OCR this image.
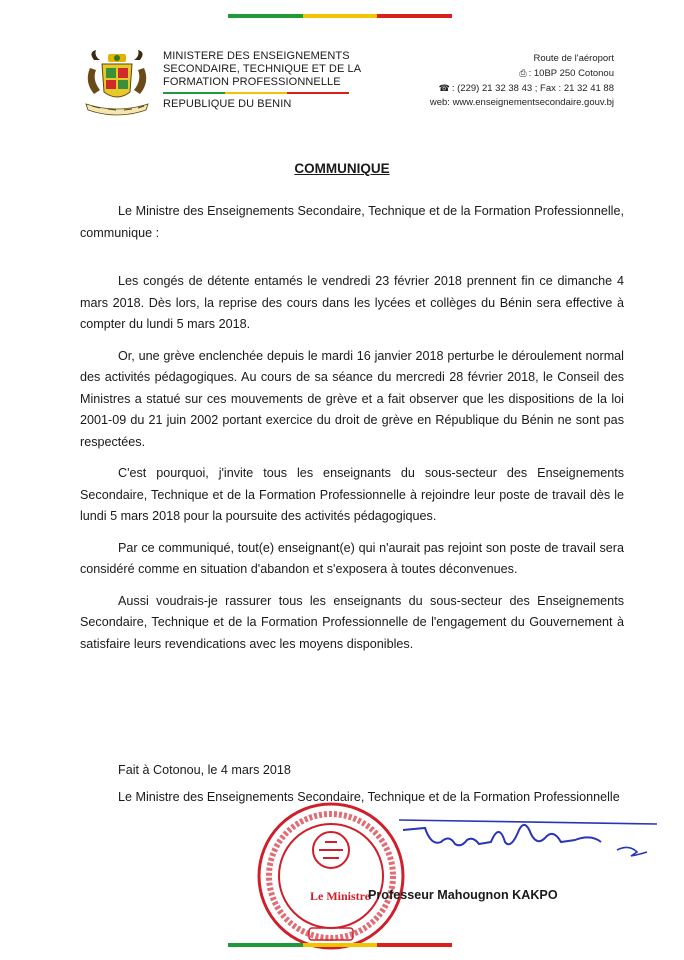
MINISTERE DES ENSEIGNEMENTS
SECONDAIRE, TECHNIQUE ET DE LA
FORMATION PROFESSIONNELLE
REPUBLIQUE DU BENIN
Route de l'aéroport
⎙ : 10BP 250 Cotonou
☎ : (229) 21 32 38 43 ; Fax : 21 32 41 88
web: www.enseignementsecondaire.gouv.bj
COMMUNIQUE

Le Ministre des Enseignements Secondaire, Technique et de la Formation Professionnelle, communique :

Les congés de détente entamés le vendredi 23 février 2018 prennent fin ce dimanche 4 mars 2018. Dès lors, la reprise des cours dans les lycées et collèges du Bénin sera effective à compter du lundi 5 mars 2018.

Or, une grève enclenchée depuis le mardi 16 janvier 2018 perturbe le déroulement normal des activités pédagogiques. Au cours de sa séance du mercredi 28 février 2018, le Conseil des Ministres a statué sur ces mouvements de grève et a fait observer que les dispositions de la loi 2001-09 du 21 juin 2002 portant exercice du droit de grève en République du Bénin ne sont pas respectées.

C'est pourquoi, j'invite tous les enseignants du sous-secteur des Enseignements Secondaire, Technique et de la Formation Professionnelle à rejoindre leur poste de travail dès le lundi 5 mars 2018 pour la poursuite des activités pédagogiques.

Par ce communiqué, tout(e) enseignant(e) qui n'aurait pas rejoint son poste de travail sera considéré comme en situation d'abandon et s'exposera à toutes déconvenues.

Aussi voudrais-je rassurer tous les enseignants du sous-secteur des Enseignements Secondaire, Technique et de la Formation Professionnelle de l'engagement du Gouvernement à satisfaire leurs revendications avec les moyens disponibles.

Fait à Cotonou, le 4 mars 2018
Le Ministre des Enseignements Secondaire, Technique et de la Formation Professionnelle
Le Ministre
Professeur Mahougnon KAKPO
